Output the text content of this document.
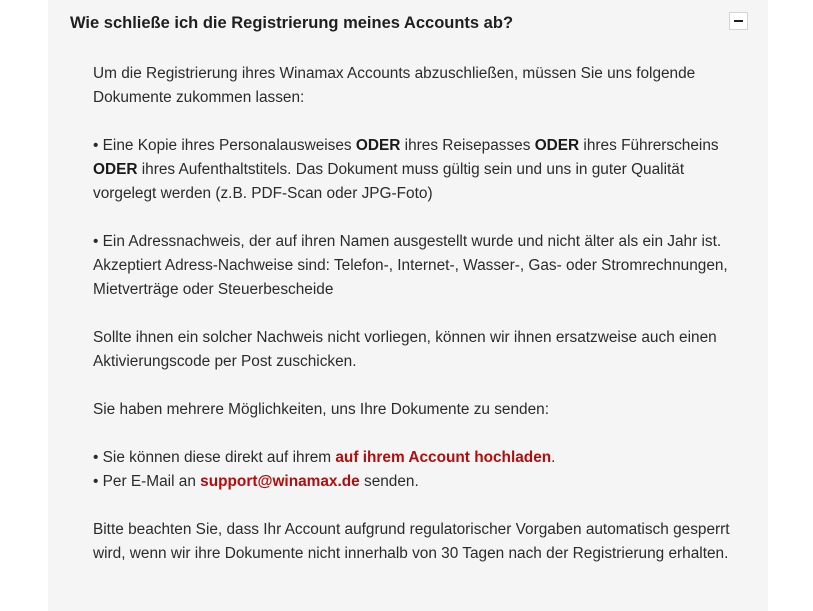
Wie schließe ich die Registrierung meines Accounts ab?

Um die Registrierung ihres Winamax Accounts abzuschließen, müssen Sie uns folgende Dokumente zukommen lassen:

• Eine Kopie ihres Personalausweises ODER ihres Reisepasses ODER ihres Führerscheins ODER ihres Aufenthaltstitels. Das Dokument muss gültig sein und uns in guter Qualität vorgelegt werden (z.B. PDF-Scan oder JPG-Foto)

• Ein Adressnachweis, der auf ihren Namen ausgestellt wurde und nicht älter als ein Jahr ist. Akzeptiert Adress-Nachweise sind: Telefon-, Internet-, Wasser-, Gas- oder Stromrechnungen, Mietverträge oder Steuerbescheide

Sollte ihnen ein solcher Nachweis nicht vorliegen, können wir ihnen ersatzweise auch einen Aktivierungscode per Post zuschicken.

Sie haben mehrere Möglichkeiten, uns Ihre Dokumente zu senden:

• Sie können diese direkt auf ihrem auf ihrem Account hochladen.
• Per E-Mail an support@winamax.de senden.

Bitte beachten Sie, dass Ihr Account aufgrund regulatorischer Vorgaben automatisch gesperrt wird, wenn wir ihre Dokumente nicht innerhalb von 30 Tagen nach der Registrierung erhalten.
